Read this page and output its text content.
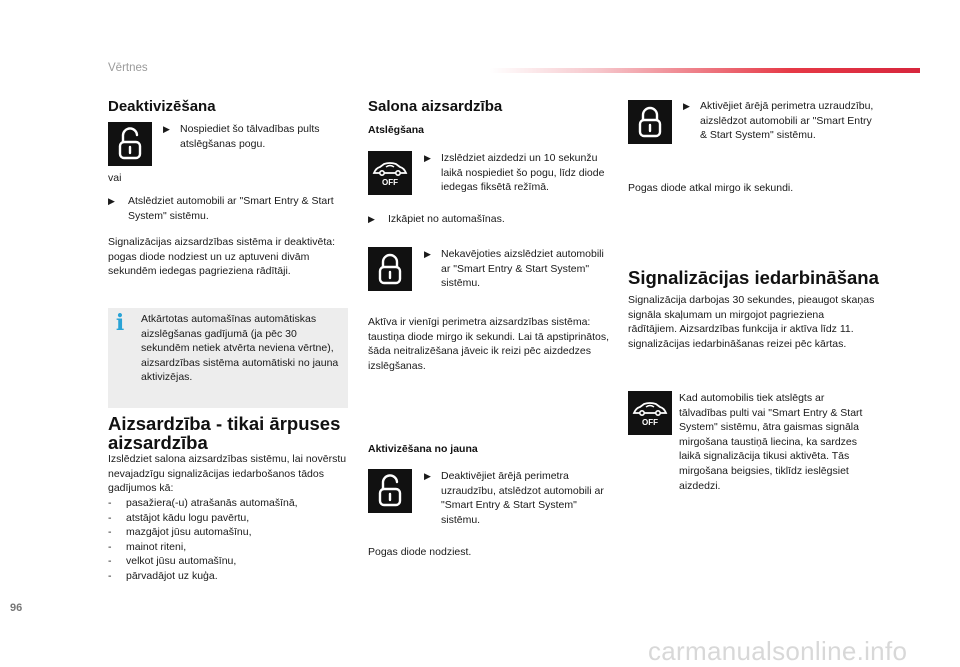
Vērtnes
Deaktivizēšana
▶ Nospiediet šo tālvadības pults atslēgšanas pogu.
vai
▶	Atslēdziet automobili ar "Smart Entry & Start System" sistēmu.
Signalizācijas aizsardzības sistēma ir deaktivēta: pogas diode nodziest un uz aptuveni divām sekundēm iedegas pagrieziena rādītāji.
i Atkārtotas automašīnas automātiskas aizslēgšanas gadījumā (ja pēc 30 sekundēm netiek atvērta neviena vērtne), aizsardzības sistēma automātiski no jauna aktivizējas.
Aizsardzība - tikai ārpuses aizsardzība
Izslēdziet salona aizsardzības sistēmu, lai novērstu nevajadzīgu signalizācijas iedarbošanos tādos gadījumos kā:
- pasažiera(-u) atrašanās automašīnā,
- atstājot kādu logu pavērtu,
- mazgājot jūsu automašīnu,
- mainot riteni,
- velkot jūsu automašīnu,
- pārvadājot uz kuģa.
Salona aizsardzība
Atslēgšana
OFF
▶ Izslēdziet aizdedzi un 10 sekunžu laikā nospiediet šo pogu, līdz diode iedegas fiksētā režīmā.
▶	Izkāpiet no automašīnas.
▶ Nekavējoties aizslēdziet automobili ar "Smart Entry & Start System" sistēmu.
Aktīva ir vienīgi perimetra aizsardzības sistēma: taustiņa diode mirgo ik sekundi. Lai tā apstiprinātos, šāda neitralizēšana jāveic ik reizi pēc aizdedzes izslēgšanas.
Aktivizēšana no jauna
▶ Deaktivējiet ārējā perimetra uzraudzību, atslēdzot automobili ar "Smart Entry & Start System" sistēmu.
Pogas diode nodziest.
▶ Aktivējiet ārējā perimetra uzraudzību, aizslēdzot automobili ar "Smart Entry & Start System" sistēmu.
Pogas diode atkal mirgo ik sekundi.
Signalizācijas iedarbināšana
Signalizācija darbojas 30 sekundes, pieaugot skaņas signāla skaļumam un mirgojot pagrieziena rādītājiem. Aizsardzības funkcija ir aktīva līdz 11. signalizācijas iedarbināšanas reizei pēc kārtas.
OFF
Kad automobilis tiek atslēgts ar tālvadības pulti vai "Smart Entry & Start System" sistēmu, ātra gaismas signāla mirgošana taustiņā liecina, ka sardzes laikā signalizācija tikusi aktivēta. Tās mirgošana beigsies, tiklīdz ieslēgsiet aizdedzi.
96
carmanualsonline.info
